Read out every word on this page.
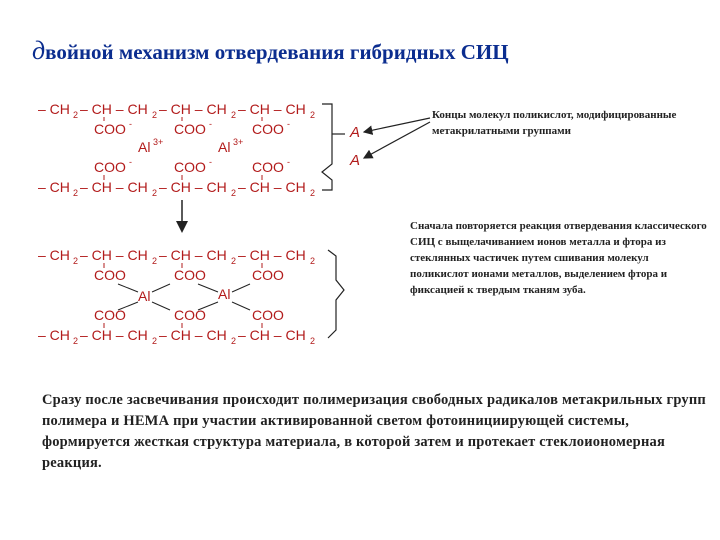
двойной механизм отвердевания гибридных СИЦ
– CH 2 – CH – CH 2 – CH – CH 2 – CH – CH 2
COO -	COO -	COO -
Al 3+	Al 3+
COO -	COO -	COO -
– CH 2 – CH – CH 2 – CH – CH 2 – CH – CH 2
A
A
– CH 2 – CH – CH 2 – CH – CH 2 – CH – CH 2
COO	COO	COO
Al	Al
COO	COO	COO
– CH 2 – CH – CH 2 – CH – CH 2 – CH – CH 2
Концы молекул поликислот, модифицированные метакрилатными группами
Сначала повторяется реакция отвердевания классического СИЦ с выщелачиванием ионов металла и фтора из стеклянных частичек путем сшивания молекул поликислот ионами металлов, выделением фтора и фиксацией к твердым тканям зуба.
Сразу после засвечивания происходит полимеризация свободных радикалов метакрильных групп полимера и НЕМА при участии активированной светом фотоинициирующей системы, формируется жесткая структура материала, в которой затем и протекает стеклоиономерная реакция.
